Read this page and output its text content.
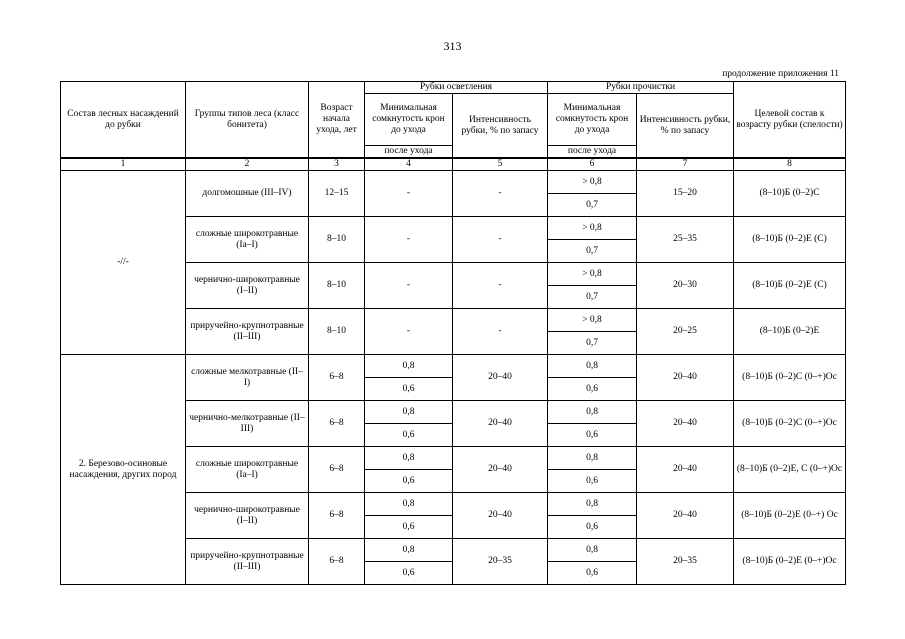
313
продолжение приложения 11
Состав лесных насаждений до рубки	Группы типов леса (класс бонитета)	Возраст начала ухода, лет	Рубки осветления		Рубки прочистки		Целевой состав к возрасту рубки (спелости)
			Минимальная сомкнутость крон до ухода	Интенсивность рубки, % по запасу	Минимальная сомкнутость крон до ухода	Интенсивность рубки, % по запасу	
			после ухода		после ухода		
1	2	3	4	5	6	7	8
-//-	долгомошные (III–IV)	12–15	-	-	> 0,8	15–20	(8–10)Б (0–2)С
					0,7		
	сложные широкотравные (Ia–I)	8–10	-	-	> 0,8	25–35	(8–10)Б (0–2)Е (С)
					0,7		
	чернично-широкотравные (I–II)	8–10	-	-	> 0,8	20–30	(8–10)Б (0–2)Е (С)
					0,7		
	приручейно-крупнотравные (II–III)	8–10	-	-	> 0,8	20–25	(8–10)Б (0–2)Е
					0,7		
2. Березово-осиновые насаждения, других пород	сложные мелкотравные (II–I)	6–8	0,8	20–40	0,8	20–40	(8–10)Б (0–2)С (0–+)Ос
			0,6		0,6		
	чернично-мелкотравные (II–III)	6–8	0,8	20–40	0,8	20–40	(8–10)Б (0–2)С (0–+)Ос
			0,6		0,6		
	сложные широкотравные (Ia–I)	6–8	0,8	20–40	0,8	20–40	(8–10)Б (0–2)Е, С (0–+)Ос
			0,6		0,6		
	чернично-широкотравные (I–II)	6–8	0,8	20–40	0,8	20–40	(8–10)Б (0–2)Е (0–+) Ос
			0,6		0,6		
	приручейно-крупнотравные (II–III)	6–8	0,8	20–35	0,8	20–35	(8–10)Б (0–2)Е (0–+)Ос
			0,6		0,6		
